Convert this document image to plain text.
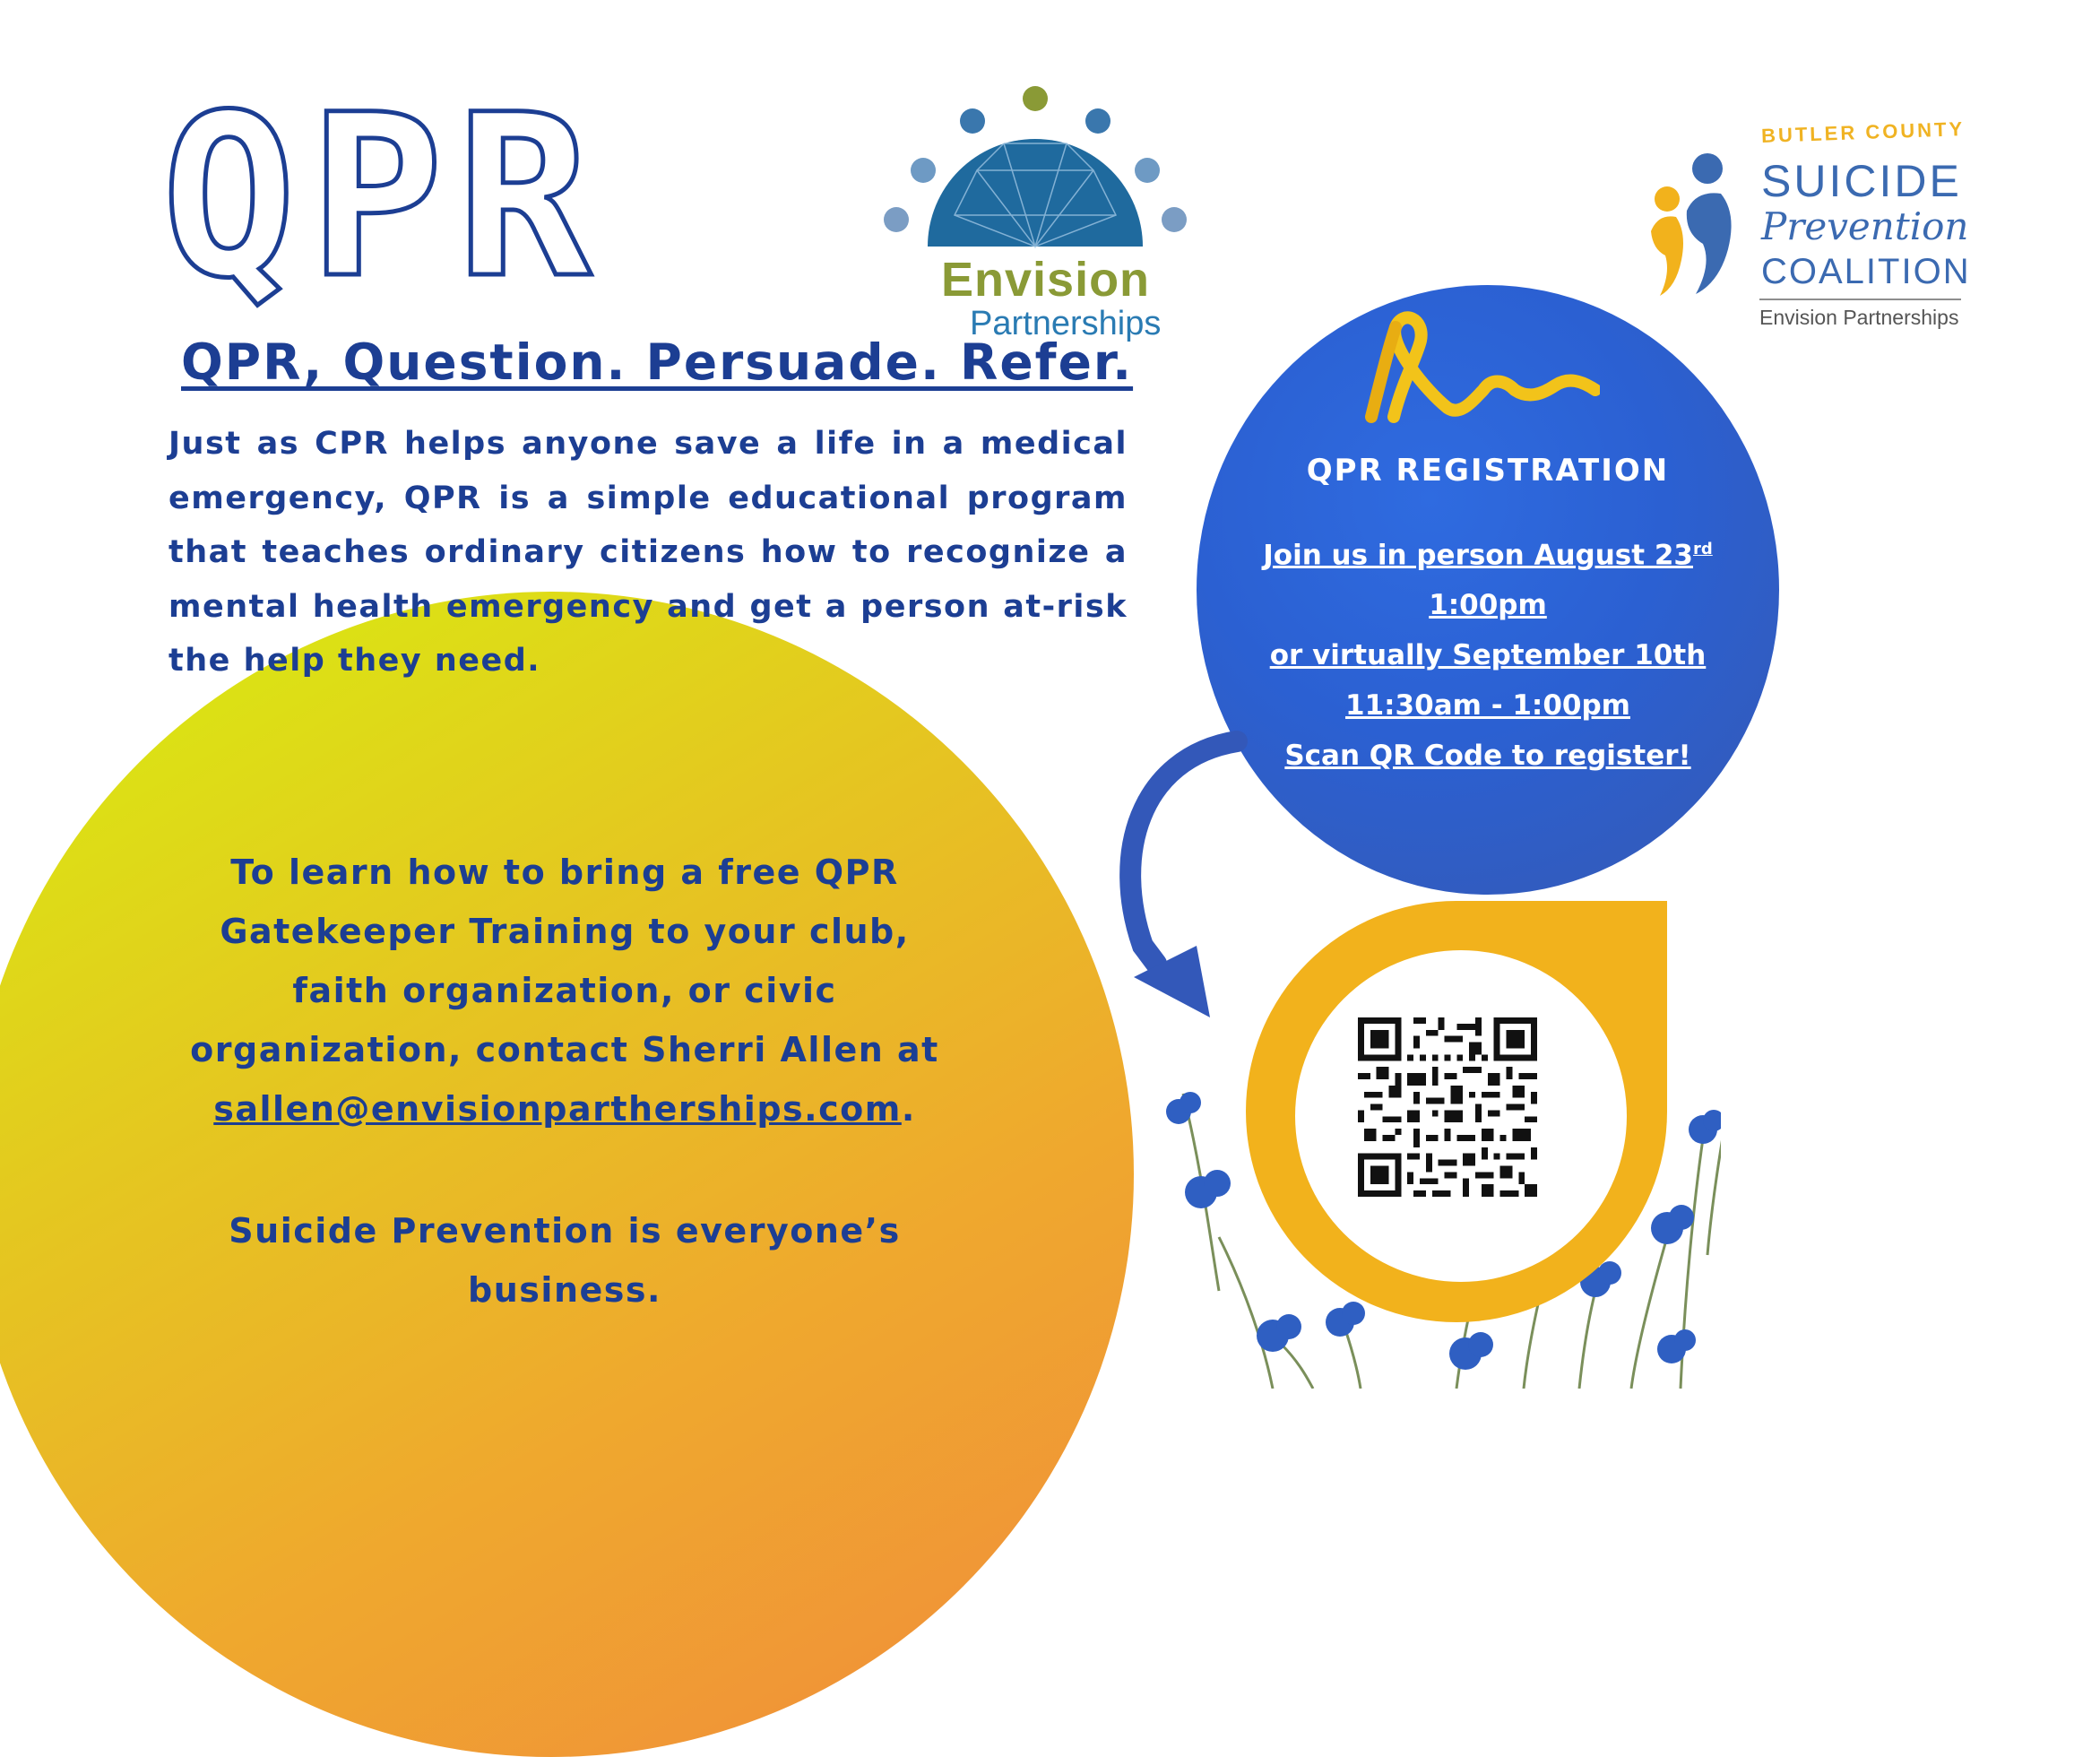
QPR	Envision

Partnerships

BUTLER COUNTY

SUICIDE

Prevention

COALITION

Envision Partnerships

QPR, Question. Persuade. Refer.

Just as CPR helps anyone save a life in a medical emergency, QPR is a simple educational program that teaches ordinary citizens how to recognize a mental health emergency and get a person at-risk the help they need.

To learn how to bring a free QPR Gatekeeper Training to your club, faith organization, or civic organization, contact Sherri Allen at
sallen@envisionpartherships.com.

Suicide Prevention is everyone’s business.

QPR REGISTRATION

Join us in person August 23rd
1:00pm
or virtually September 10th
11:30am - 1:00pm
Scan QR Code to register!
